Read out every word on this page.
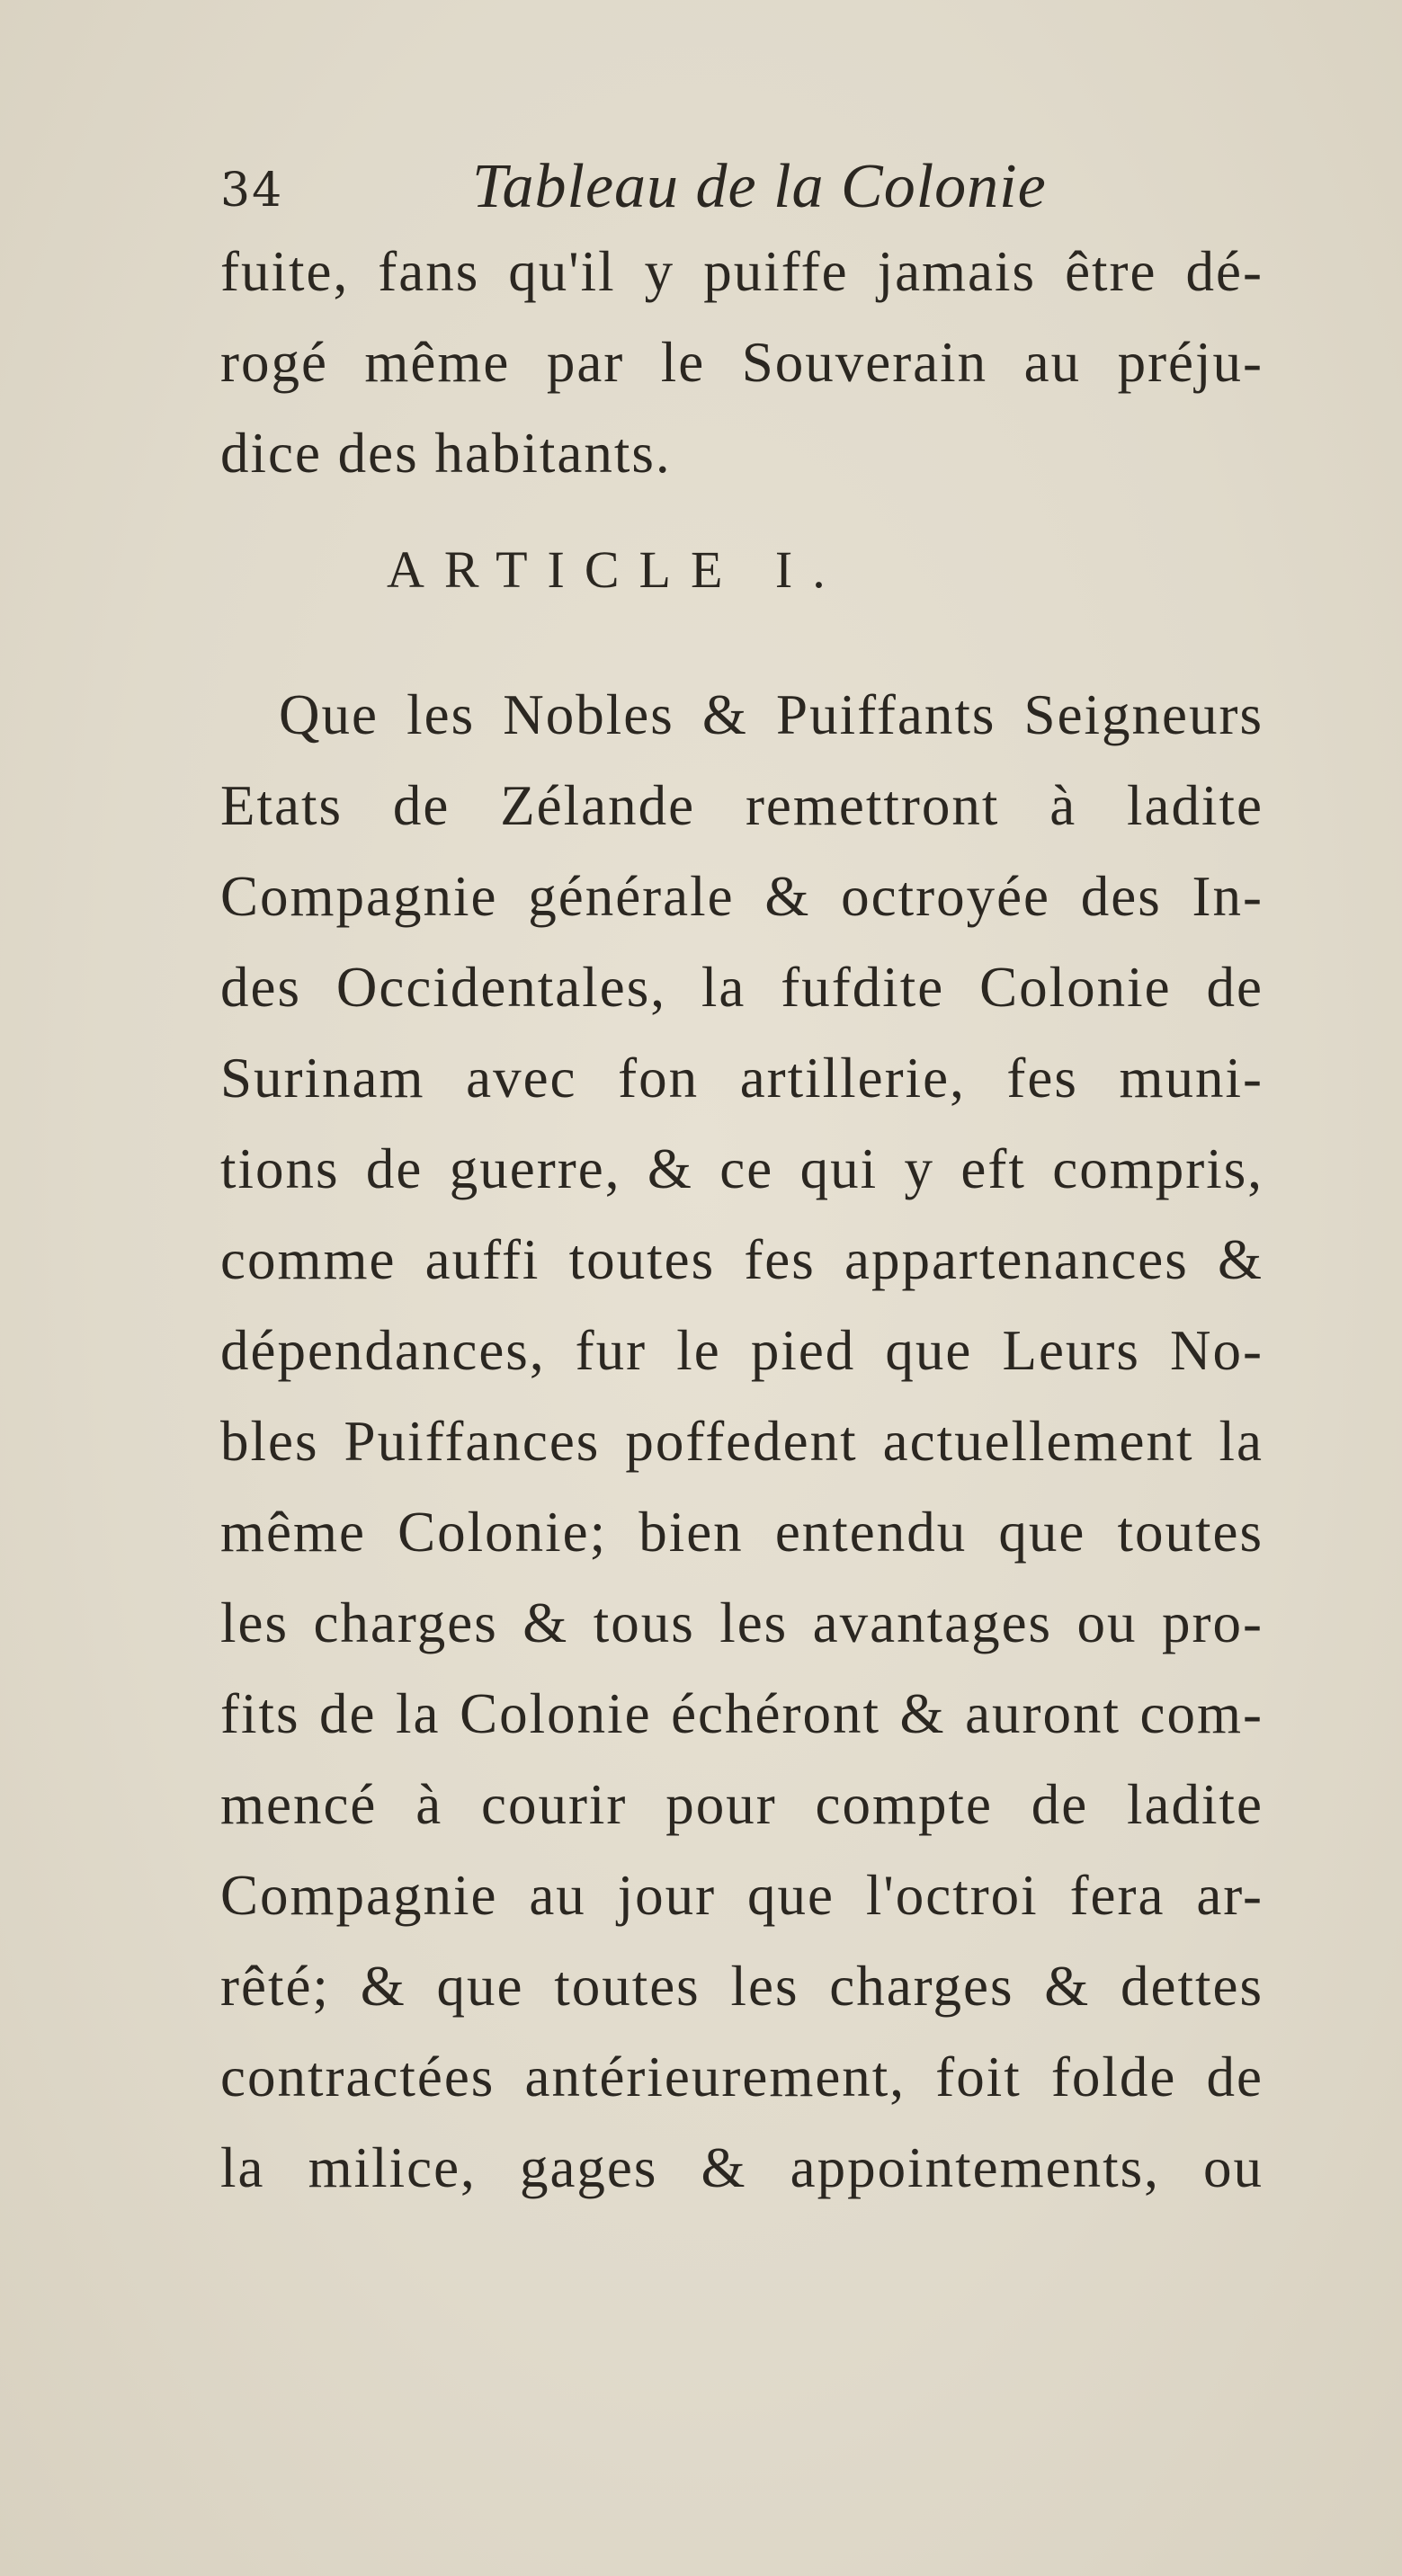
34	Tableau de la Colonie

fuite, fans qu'il y puiffe jamais être dé-
rogé même par le Souverain au préju-
dice des habitants.

ARTICLE I.

Que les Nobles & Puiffants Seigneurs
Etats de Zélande remettront à ladite
Compagnie générale & octroyée des In-
des Occidentales, la fufdite Colonie de
Surinam avec fon artillerie, fes muni-
tions de guerre, & ce qui y eft compris,
comme auffi toutes fes appartenances &
dépendances, fur le pied que Leurs No-
bles Puiffances poffedent actuellement la
même Colonie; bien entendu que toutes
les charges & tous les avantages ou pro-
fits de la Colonie échéront & auront com-
mencé à courir pour compte de ladite
Compagnie au jour que l'octroi fera ar-
rêté; & que toutes les charges & dettes
contractées antérieurement, foit folde de
la milice, gages & appointements, ou
